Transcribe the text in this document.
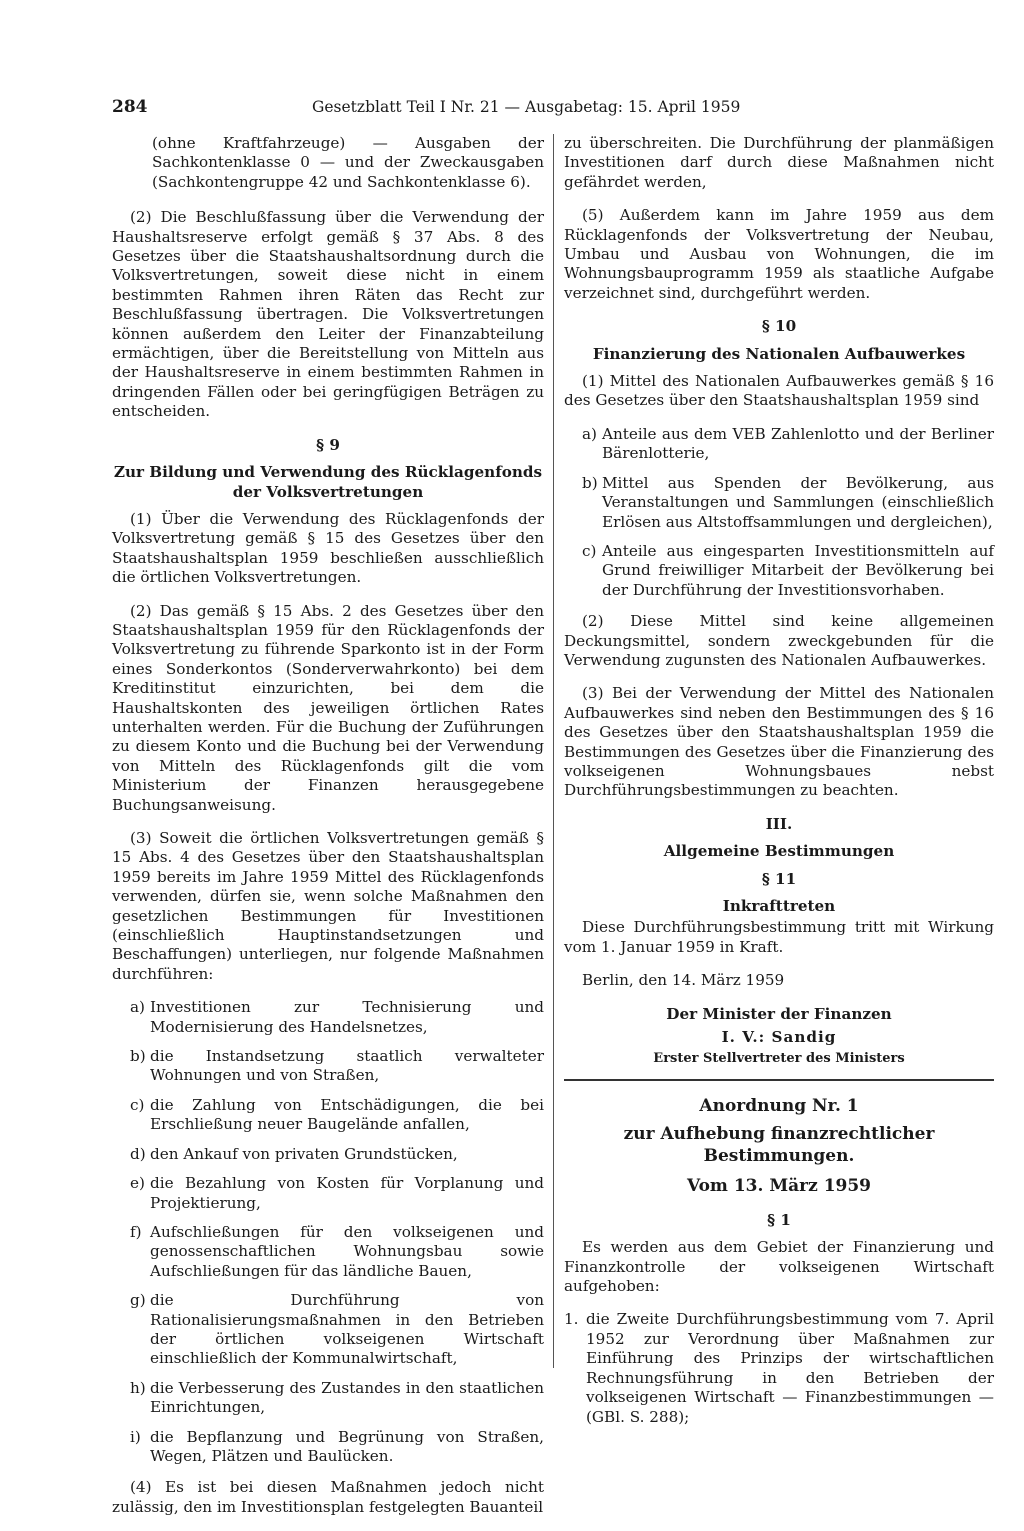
284	Gesetzblatt Teil I Nr. 21 — Ausgabetag: 15. April 1959
(ohne Kraftfahrzeuge) — Ausgaben der Sachkontenklasse 0 — und der Zweckausgaben (Sachkontengruppe 42 und Sachkontenklasse 6).

(2) Die Beschlußfassung über die Verwendung der Haushaltsreserve erfolgt gemäß § 37 Abs. 8 des Gesetzes über die Staatshaushaltsordnung durch die Volksvertretungen, soweit diese nicht in einem bestimmten Rahmen ihren Räten das Recht zur Beschlußfassung übertragen. Die Volksvertretungen können außerdem den Leiter der Finanzabteilung ermächtigen, über die Bereitstellung von Mitteln aus der Haushaltsreserve in einem bestimmten Rahmen in dringenden Fällen oder bei geringfügigen Beträgen zu entscheiden.

§ 9
Zur Bildung und Verwendung des Rücklagenfonds
der Volksvertretungen

(1) Über die Verwendung des Rücklagenfonds der Volksvertretung gemäß § 15 des Gesetzes über den Staatshaushaltsplan 1959 beschließen ausschließlich die örtlichen Volksvertretungen.

(2) Das gemäß § 15 Abs. 2 des Gesetzes über den Staatshaushaltsplan 1959 für den Rücklagenfonds der Volksvertretung zu führende Sparkonto ist in der Form eines Sonderkontos (Sonderverwahrkonto) bei dem Kreditinstitut einzurichten, bei dem die Haushaltskonten des jeweiligen örtlichen Rates unterhalten werden. Für die Buchung der Zuführungen zu diesem Konto und die Buchung bei der Verwendung von Mitteln des Rücklagenfonds gilt die vom Ministerium der Finanzen herausgegebene Buchungsanweisung.

(3) Soweit die örtlichen Volksvertretungen gemäß § 15 Abs. 4 des Gesetzes über den Staatshaushaltsplan 1959 bereits im Jahre 1959 Mittel des Rücklagenfonds verwenden, dürfen sie, wenn solche Maßnahmen den gesetzlichen Bestimmungen für Investitionen (einschließlich Hauptinstandsetzungen und Beschaffungen) unterliegen, nur folgende Maßnahmen durchführen:

a) Investitionen zur Technisierung und Modernisierung des Handelsnetzes,
b) die Instandsetzung staatlich verwalteter Wohnungen und von Straßen,
c) die Zahlung von Entschädigungen, die bei Erschließung neuer Baugelände anfallen,
d) den Ankauf von privaten Grundstücken,
e) die Bezahlung von Kosten für Vorplanung und Projektierung,
f) Aufschließungen für den volkseigenen und genossenschaftlichen Wohnungsbau sowie Aufschließungen für das ländliche Bauen,
g) die Durchführung von Rationalisierungsmaßnahmen in den Betrieben der örtlichen volkseigenen Wirtschaft einschließlich der Kommunalwirtschaft,
h) die Verbesserung des Zustandes in den staatlichen Einrichtungen,
i) die Bepflanzung und Begrünung von Straßen, Wegen, Plätzen und Baulücken.

(4) Es ist bei diesen Maßnahmen jedoch nicht zulässig, den im Investitionsplan festgelegten Bauanteil

zu überschreiten. Die Durchführung der planmäßigen Investitionen darf durch diese Maßnahmen nicht gefährdet werden,

(5) Außerdem kann im Jahre 1959 aus dem Rücklagenfonds der Volksvertretung der Neubau, Umbau und Ausbau von Wohnungen, die im Wohnungsbauprogramm 1959 als staatliche Aufgabe verzeichnet sind, durchgeführt werden.

§ 10
Finanzierung des Nationalen Aufbauwerkes

(1) Mittel des Nationalen Aufbauwerkes gemäß § 16 des Gesetzes über den Staatshaushaltsplan 1959 sind

a) Anteile aus dem VEB Zahlenlotto und der Berliner Bärenlotterie,
b) Mittel aus Spenden der Bevölkerung, aus Veranstaltungen und Sammlungen (einschließlich Erlösen aus Altstoffsammlungen und dergleichen),
c) Anteile aus eingesparten Investitionsmitteln auf Grund freiwilliger Mitarbeit der Bevölkerung bei der Durchführung der Investitionsvorhaben.

(2) Diese Mittel sind keine allgemeinen Deckungsmittel, sondern zweckgebunden für die Verwendung zugunsten des Nationalen Aufbauwerkes.

(3) Bei der Verwendung der Mittel des Nationalen Aufbauwerkes sind neben den Bestimmungen des § 16 des Gesetzes über den Staatshaushaltsplan 1959 die Bestimmungen des Gesetzes über die Finanzierung des volkseigenen Wohnungsbaues nebst Durchführungsbestimmungen zu beachten.

III.
Allgemeine Bestimmungen
§ 11
Inkrafttreten

Diese Durchführungsbestimmung tritt mit Wirkung vom 1. Januar 1959 in Kraft.

Berlin, den 14. März 1959
Der Minister der Finanzen
I. V.: Sandig
Erster Stellvertreter des Ministers
Anordnung Nr. 1
zur Aufhebung finanzrechtlicher Bestimmungen.
Vom 13. März 1959
§ 1

Es werden aus dem Gebiet der Finanzierung und Finanzkontrolle der volkseigenen Wirtschaft aufgehoben:

1. die Zweite Durchführungsbestimmung vom 7. April 1952 zur Verordnung über Maßnahmen zur Einführung des Prinzips der wirtschaftlichen Rechnungsführung in den Betrieben der volkseigenen Wirtschaft — Finanzbestimmungen — (GBl. S. 288);
